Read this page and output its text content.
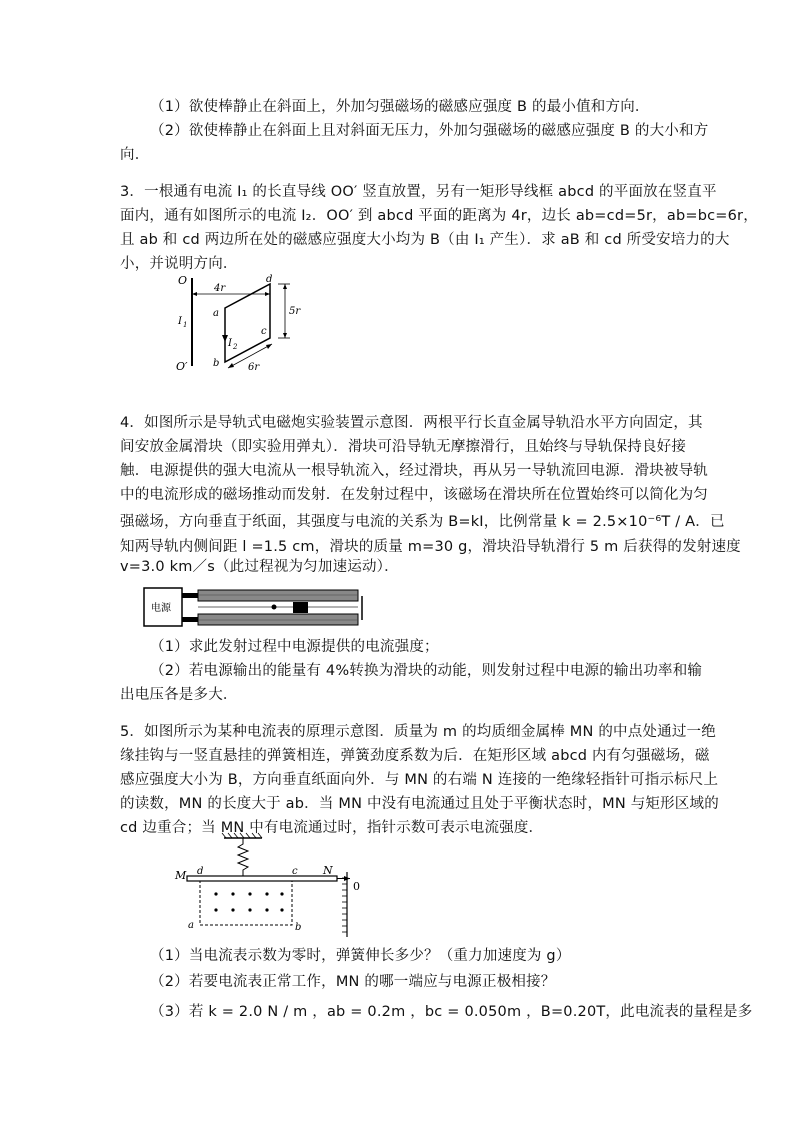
（1）欲使棒静止在斜面上，外加匀强磁场的磁感应强度 B 的最小值和方向．
（2）欲使棒静止在斜面上且对斜面无压力，外加匀强磁场的磁感应强度 B 的大小和方
向．
3．一根通有电流 I₁ 的长直导线 OO′ 竖直放置，另有一矩形导线框 abcd 的平面放在竖直平
面内，通有如图所示的电流 I₂．OO′ 到 abcd 平面的距离为 4r，边长 ab=cd=5r，ab=bc=6r，
且 ab 和 cd 两边所在处的磁感应强度大小均为 B（由 I₁ 产生）．求 aB 和 cd 所受安培力的大
小，并说明方向．
O
O′
I 1
4r
a
b
c
d
I 2
5r
6r
4．如图所示是导轨式电磁炮实验装置示意图．两根平行长直金属导轨沿水平方向固定，其
间安放金属滑块（即实验用弹丸）．滑块可沿导轨无摩擦滑行，且始终与导轨保持良好接
触．电源提供的强大电流从一根导轨流入，经过滑块，再从另一导轨流回电源．滑块被导轨
中的电流形成的磁场推动而发射．在发射过程中，该磁场在滑块所在位置始终可以简化为匀
强磁场，方向垂直于纸面，其强度与电流的关系为 B=kI，比例常量 k = 2.5×10⁻⁶T / A．已
知两导轨内侧间距 l =1.5 cm，滑块的质量 m=30 g，滑块沿导轨滑行 5 m 后获得的发射速度
v=3.0 km／s（此过程视为匀加速运动）．
电源
（1）求此发射过程中电源提供的电流强度；
（2）若电源输出的能量有 4%转换为滑块的动能，则发射过程中电源的输出功率和输
出电压各是多大．
5．如图所示为某种电流表的原理示意图．质量为 m 的均质细金属棒 MN 的中点处通过一绝
缘挂钩与一竖直悬挂的弹簧相连，弹簧劲度系数为后．在矩形区域 abcd 内有匀强磁场，磁
感应强度大小为 B，方向垂直纸面向外．与 MN 的右端 N 连接的一绝缘轻指针可指示标尺上
的读数，MN 的长度大于 ab．当 MN 中没有电流通过且处于平衡状态时，MN 与矩形区域的
cd 边重合；当 MN 中有电流通过时，指针示数可表示电流强度．
M	N
d	c
0
a	b
（1）当电流表示数为零时，弹簧伸长多少？（重力加速度为 g）
（2）若要电流表正常工作，MN 的哪一端应与电源正极相接？
（3）若 k = 2.0 N / m ，ab = 0.2m ，bc = 0.050m ，B=0.20T，此电流表的量程是多
